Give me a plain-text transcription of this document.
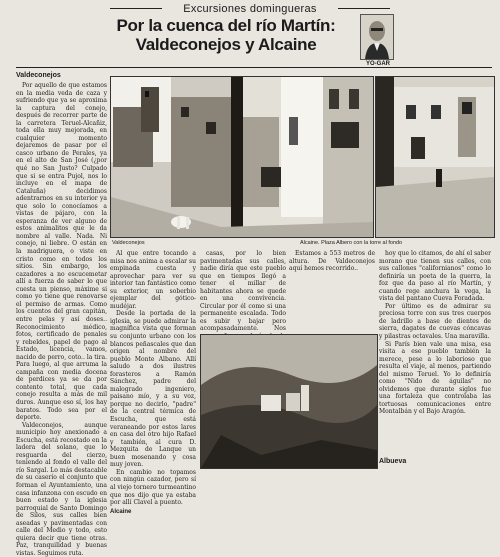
Excursiones domingueras
Por la cuenca del río Martín:
Valdeconejos y Alcaine
YO-GAR
Valdeconejos

Por aquello de que estamos en la media veda de caza y sufriendo que ya se aproxima la captura del conejo, después de recorrer parte de la carretera Teruel-Alcañiz, toda ella muy mejorada, en cualquier momento dejaremos de pasar por el casco urbano de Perales, ya en el alto de San José (¿por qué no San Justo? Culpado que si se entra Pujol, nos lo incluye en el mapa de Cataluña) decidimos adentrarnos en su interior ya que solo lo conocíamos a vistas de pájaro, con la esperanza de ver alguno de estos animalitos que le da nombre al valle. Nada. Ni conejo, ni liebre. O están en la madriguera, o viste en cristo como en todos los sitios. Sin embargo, los cazadores a no escucemetar allí a fuerza de saber lo que cuesta un pienso, máxime si como yo tiene que renovarse el permiso de armas. Como los cuentos del gran capitán, entre pelas y así doses.. Reconocimiento médico, fotos, certificado de penales y rebeldes, papel de pago al Estado, licencia, vamos, nacido de perro, coto.. la tira. Para luego, al que arruma la campaña con media docena de perdices ya se da por contento total, que cada conejo resulta a más de mil duros. Aunque eso sí, los hay baratos. Todo sea por el deporte.

Valdeconejos, aunque municipio hoy anexionado a Escucha, está recostado en la ladera del solano, que lo resguarda del cierzo, teniendo al fondo el valle del río Sargal. Lo más destacable de su caserío el conjunto que forman el Ayuntamiento, una casa infanzona con escudo en buen estado y la iglesia parroquial de Santo Domingo de Silos, sus calles bien aseadas y pavimentadas con calle del Medio y todo, esto quiera decir que tiene otras. Paz, tranquilidad y buenas vistas. Seguimos ruta.

Valdeconejos	Alcaine. Plaza Albero con la torre al fondo

Al que entre tocando a misa nos anima a escalar su empinada cuesta y aprovechar para ver su interior tan fantástico como su exterior, un soberbio ejemplar del gótico-mudéjar.

Desde la portada de la iglesia, se puede admirar la magnífica vista que forman su conjunto urbano con los blancos peñascales que dan origen al nombre del pueblo Monte Albano. Allí saludo a dos ilustres forasteros a Ramón Sánchez, padre del malogrado ingeniero, paisano mío, y a su voz, porque no decirlo, "padre" de la central térmica de Escucha, que está veraneando por estos lares en casa del otro hijo Rafael y también, al cura D. Mezquita de Lanque un buen mosenando y cosa muy joven.

En cambio no topamos con ningún cazador, pero sí al viejo tornero turmeantino que nos dijo que ya estaba por allí Clavel a puento.

Alcaine

casas, por lo bien pavimentadas sus calles, nadie diría que este pueblo que en tiempos llegó a tener el millar de habitantes ahora se quede en una convivencia. Circular por él como si una permanente escalada. Todo es subir y bajar pero acompasadamente. Nos

Estamos a 553 metros de altura. De Valdeconejos aquí hemos recorrido..

hoy que lo citamos, de ahí el saber morano que tienen sus calles, con sus callones "californianos" como lo definiría un poeta de la guerra, la foz que da paso al río Martín, y cuando rege anchura la vega, la vista del pantano Cueva Foradada.

Por último es de admirar su preciosa torre con sus tres cuerpos de ladrillo a base de dientes de sierra, dagates de cuevas cóncavas y pilastras octavales. Una maravilla.

Si París bien vale una misa, esa visita a ese pueblo también la merece, pese a lo laborioso que resulta el viaje, al menos, partiendo del mismo Teruel. Yo lo definiría como "Nido de águilas" no olvidemos que durante siglos fue una fortaleza que controlaba las tortuosas comunicaciones entre Montalbán y el Bajo Aragón.

Albueva
